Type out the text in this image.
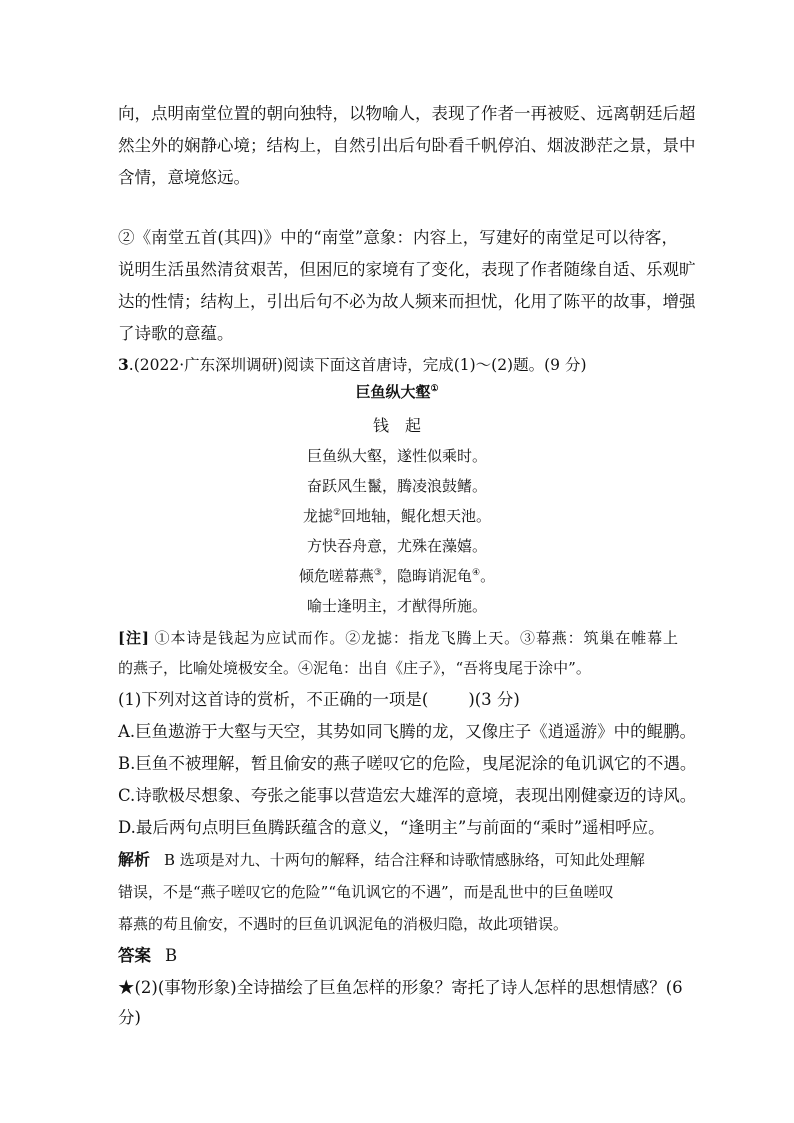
向，点明南堂位置的朝向独特，以物喻人，表现了作者一再被贬、远离朝廷后超
然尘外的娴静心境；结构上，自然引出后句卧看千帆停泊、烟波渺茫之景，景中
含情，意境悠远。
②《南堂五首(其四)》中的“南堂”意象：内容上，写建好的南堂足可以待客，
说明生活虽然清贫艰苦，但困厄的家境有了变化，表现了作者随缘自适、乐观旷
达的性情；结构上，引出后句不必为故人频来而担忧，化用了陈平的故事，增强
了诗歌的意蕴。
3.(2022·广东深圳调研)阅读下面这首唐诗，完成(1)～(2)题。(9 分)
巨鱼纵大壑①
钱　起
巨鱼纵大壑，遂性似乘时。
奋跃风生鬣，腾凌浪鼓鳍。
龙摅②回地轴，鲲化想天池。
方快吞舟意，尤殊在藻嬉。
倾危嗟幕燕③，隐晦诮泥龟④。
喻士逢明主，才猷得所施。
[注] ①本诗是钱起为应试而作。②龙摅：指龙飞腾上天。③幕燕：筑巢在帷幕上
的燕子，比喻处境极安全。④泥龟：出自《庄子》，“吾将曳尾于涂中”。
(1)下列对这首诗的赏析，不正确的一项是( )(3 分)
A.巨鱼遨游于大壑与天空，其势如同飞腾的龙，又像庄子《逍遥游》中的鲲鹏。
B.巨鱼不被理解，暂且偷安的燕子嗟叹它的危险，曳尾泥涂的龟讥讽它的不遇。
C.诗歌极尽想象、夸张之能事以营造宏大雄浑的意境，表现出刚健豪迈的诗风。
D.最后两句点明巨鱼腾跃蕴含的意义，“逢明主”与前面的“乘时”遥相呼应。
解析 B 选项是对九、十两句的解释，结合注释和诗歌情感脉络，可知此处理解
错误，不是“燕子嗟叹它的危险”“龟讥讽它的不遇”，而是乱世中的巨鱼嗟叹
幕燕的苟且偷安，不遇时的巨鱼讥讽泥龟的消极归隐，故此项错误。
答案 B
★(2)(事物形象)全诗描绘了巨鱼怎样的形象？寄托了诗人怎样的思想情感？(6
分)
